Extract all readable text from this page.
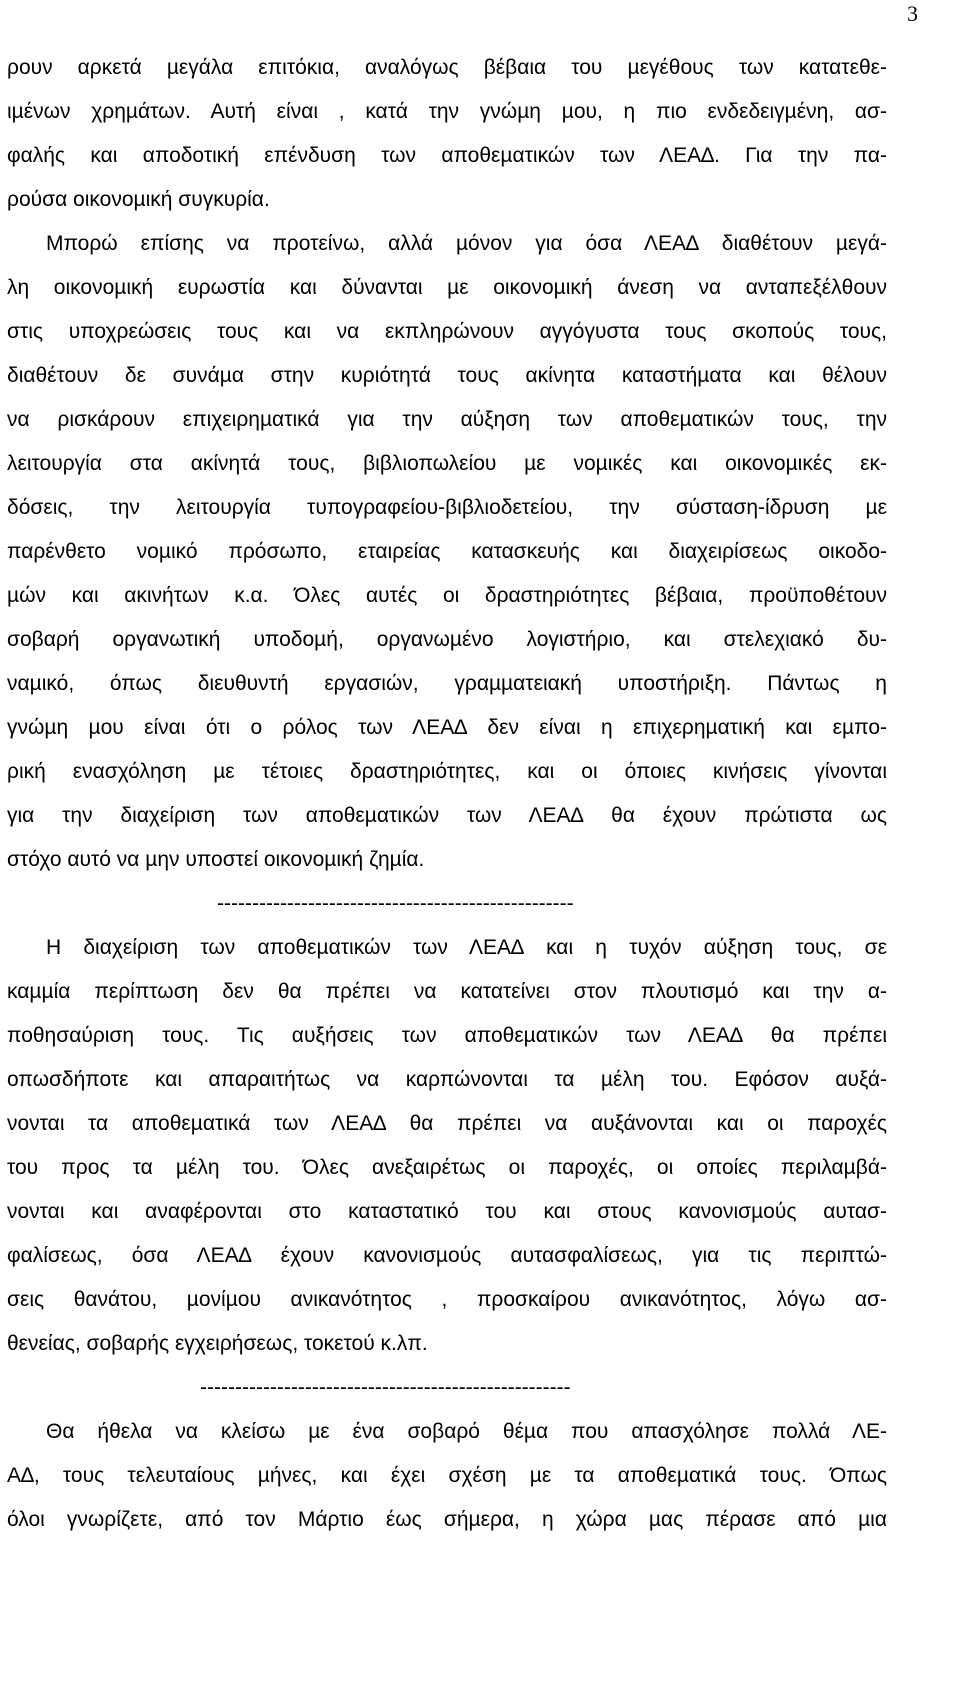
3

ρουν αρκετά µεγάλα επιτόκια, αναλόγως βέβαια του µεγέθους των κατατεθε-
ιµένων χρηµάτων. Αυτή είναι , κατά την γνώµη µου, η πιο ενδεδειγµένη, ασ-
φαλής και αποδοτική επένδυση των αποθεµατικών των ΛΕΑ∆. Για την πα-
ρούσα οικονοµική συγκυρία.

Μπορώ επίσης να προτείνω, αλλά µόνον για όσα ΛΕΑ∆ διαθέτουν µεγά-
λη οικονοµική ευρωστία και δύνανται µε οικονοµική άνεση να ανταπεξέλθουν
στις υποχρεώσεις τους και να εκπληρώνουν αγγόγυστα τους σκοπούς τους,
διαθέτουν δε συνάµα στην κυριότητά τους ακίνητα καταστήµατα και θέλουν
να ρισκάρουν επιχειρηµατικά για την αύξηση των αποθεµατικών τους, την
λειτουργία στα ακίνητά τους, βιβλιοπωλείου µε νοµικές και οικονοµικές εκ-
δόσεις, την λειτουργία τυπογραφείου-βιβλιοδετείου, την σύσταση-ίδρυση µε
παρένθετο νοµικό πρόσωπο, εταιρείας κατασκευής και διαχειρίσεως οικοδο-
µών και ακινήτων κ.α. Όλες αυτές οι δραστηριότητες βέβαια, προϋποθέτουν
σοβαρή οργανωτική υποδοµή, οργανωµένο λογιστήριο, και στελεχιακό δυ-
ναµικό, όπως διευθυντή εργασιών, γραµµατειακή υποστήριξη. Πάντως η
γνώµη µου είναι ότι ο ρόλος των ΛΕΑ∆ δεν είναι η επιχερηµατική και εµπο-
ρική ενασχόληση µε τέτοιες δραστηριότητες, και οι όποιες κινήσεις γίνονται
για την διαχείριση των αποθεµατικών των ΛΕΑ∆ θα έχουν πρώτιστα ως
στόχο αυτό να µην υποστεί οικονοµική ζηµία.

---------------------------------------------------

Η διαχείριση των αποθεµατικών των ΛΕΑ∆ και η τυχόν αύξηση τους, σε
καµµία περίπτωση δεν θα πρέπει να κατατείνει στον πλουτισµό και την α-
ποθησαύριση τους. Τις αυξήσεις των αποθεµατικών των ΛΕΑ∆ θα πρέπει
οπωσδήποτε και απαραιτήτως να καρπώνονται τα µέλη του. Εφόσον αυξά-
νονται τα αποθεµατικά των ΛΕΑ∆ θα πρέπει να αυξάνονται και οι παροχές
του προς τα µέλη του. Όλες ανεξαιρέτως οι παροχές, οι οποίες περιλαµβά-
νονται και αναφέρονται στο καταστατικό του και στους κανονισµούς αυτασ-
φαλίσεως, όσα ΛΕΑ∆ έχουν κανονισµούς αυτασφαλίσεως, για τις περιπτώ-
σεις θανάτου, µονίµου ανικανότητος , προσκαίρου ανικανότητος, λόγω ασ-
θενείας, σοβαρής εγχειρήσεως, τοκετού κ.λπ.

-----------------------------------------------------

Θα ήθελα να κλείσω µε ένα σοβαρό θέµα που απασχόλησε πολλά ΛΕ-
Α∆, τους τελευταίους µήνες, και έχει σχέση µε τα αποθεµατικά τους. Όπως
όλοι γνωρίζετε, από τον Μάρτιο έως σήµερα, η χώρα µας πέρασε από µια
